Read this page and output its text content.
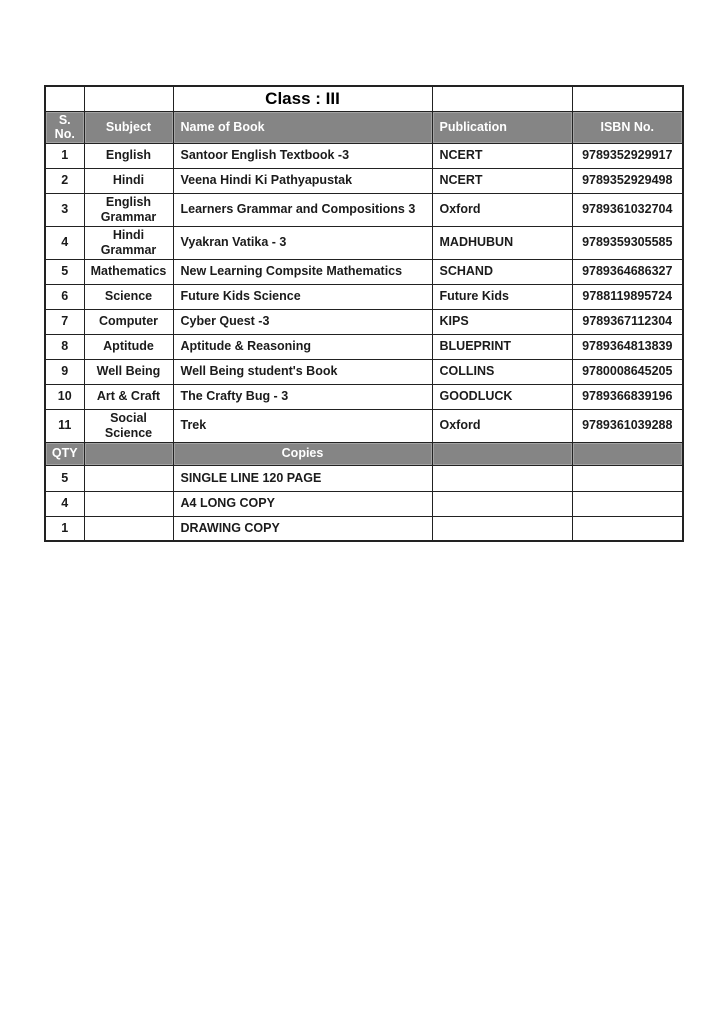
		Class : III		
S. No.	Subject	Name of Book	Publication	ISBN No.
1	English	Santoor English Textbook -3	NCERT	9789352929917
2	Hindi	Veena Hindi Ki Pathyapustak	NCERT	9789352929498
3	English Grammar	Learners Grammar and Compositions 3	Oxford	9789361032704
4	Hindi Grammar	Vyakran Vatika - 3	MADHUBUN	9789359305585
5	Mathematics	New Learning Compsite Mathematics	SCHAND	9789364686327
6	Science	Future Kids Science	Future Kids	9788119895724
7	Computer	Cyber Quest -3	KIPS	9789367112304
8	Aptitude	Aptitude & Reasoning	BLUEPRINT	9789364813839
9	Well Being	Well Being student's Book	COLLINS	9780008645205
10	Art & Craft	The Crafty Bug - 3	GOODLUCK	9789366839196
11	Social Science	Trek	Oxford	9789361039288
QTY		Copies		
5		SINGLE LINE 120 PAGE		
4		A4 LONG COPY		
1		DRAWING COPY		
